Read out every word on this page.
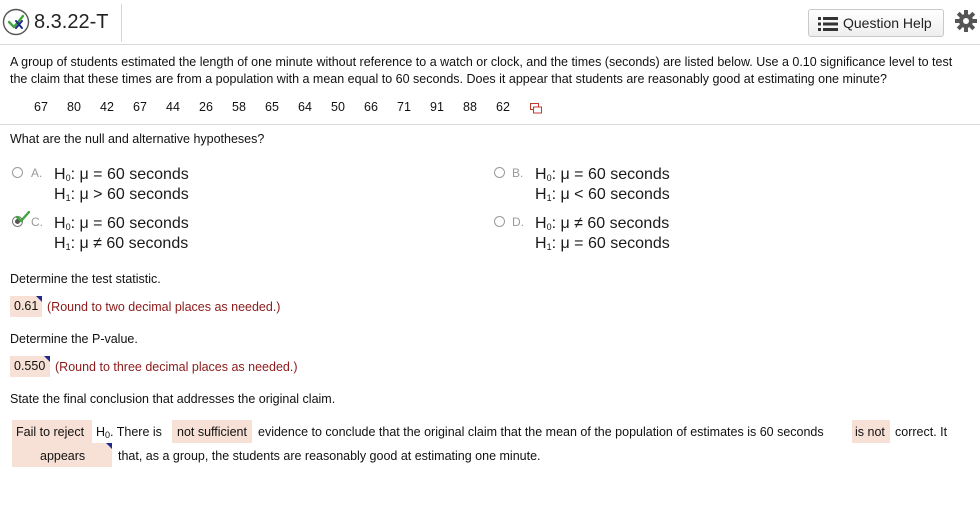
8.3.22-T	Question Help
A group of students estimated the length of one minute without reference to a watch or clock, and the times (seconds) are listed below. Use a 0.10 significance level to test the claim that these times are from a population with a mean equal to 60 seconds. Does it appear that students are reasonably good at estimating one minute?
67 80 42 67 44 26 58 65 64 50 66 71 91 88 62
What are the null and alternative hypotheses?
A. $H_0$: μ = 60 seconds
$H_1$: μ > 60 seconds
B. $H_0$: μ = 60 seconds
$H_1$: μ < 60 seconds
C. $H_0$: μ = 60 seconds
$H_1$: μ ≠ 60 seconds
D. $H_0$: μ ≠ 60 seconds
$H_1$: μ = 60 seconds
Determine the test statistic.
0.61 (Round to two decimal places as needed.)
Determine the P-value.
0.550 (Round to three decimal places as needed.)
State the final conclusion that addresses the original claim.
Fail to reject $H_0$. There is	not sufficient evidence to conclude that the original claim that the mean of the population of estimates is 60 seconds	is not correct. It
appears	that, as a group, the students are reasonably good at estimating one minute.
